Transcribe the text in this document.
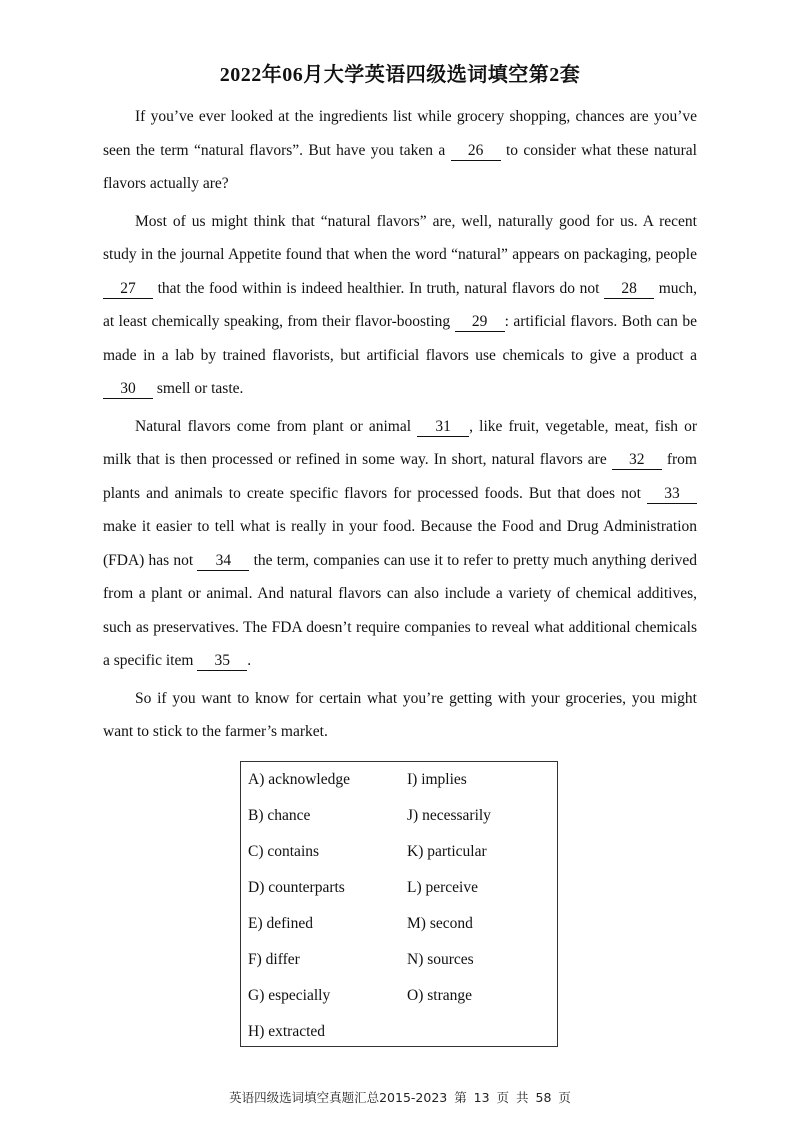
2022年06月大学英语四级选词填空第2套

If you’ve ever looked at the ingredients list while grocery shopping, chances are you’ve seen the term “natural flavors”. But have you taken a 26 to consider what these natural flavors actually are?

Most of us might think that “natural flavors” are, well, naturally good for us. A recent study in the journal Appetite found that when the word “natural” appears on packaging, people 27 that the food within is indeed healthier. In truth, natural flavors do not 28 much, at least chemically speaking, from their flavor-boosting 29 : artificial flavors. Both can be made in a lab by trained flavorists, but artificial flavors use chemicals to give a product a 30 smell or taste.

Natural flavors come from plant or animal 31 , like fruit, vegetable, meat, fish or milk that is then processed or refined in some way. In short, natural flavors are 32 from plants and animals to create specific flavors for processed foods. But that does not 33 make it easier to tell what is really in your food. Because the Food and Drug Administration (FDA) has not 34 the term, companies can use it to refer to pretty much anything derived from a plant or animal. And natural flavors can also include a variety of chemical additives, such as preservatives. The FDA doesn’t require companies to reveal what additional chemicals a specific item 35 .

So if you want to know for certain what you’re getting with your groceries, you might want to stick to the farmer’s market.

A) acknowledge
B) chance
C) contains
D) counterparts
E) defined
F) differ
G) especially
H) extracted
I) implies
J) necessarily
K) particular
L) perceive
M) second
N) sources
O) strange
英语四级选词填空真题汇总2015-2023 第 13 页 共 58 页
